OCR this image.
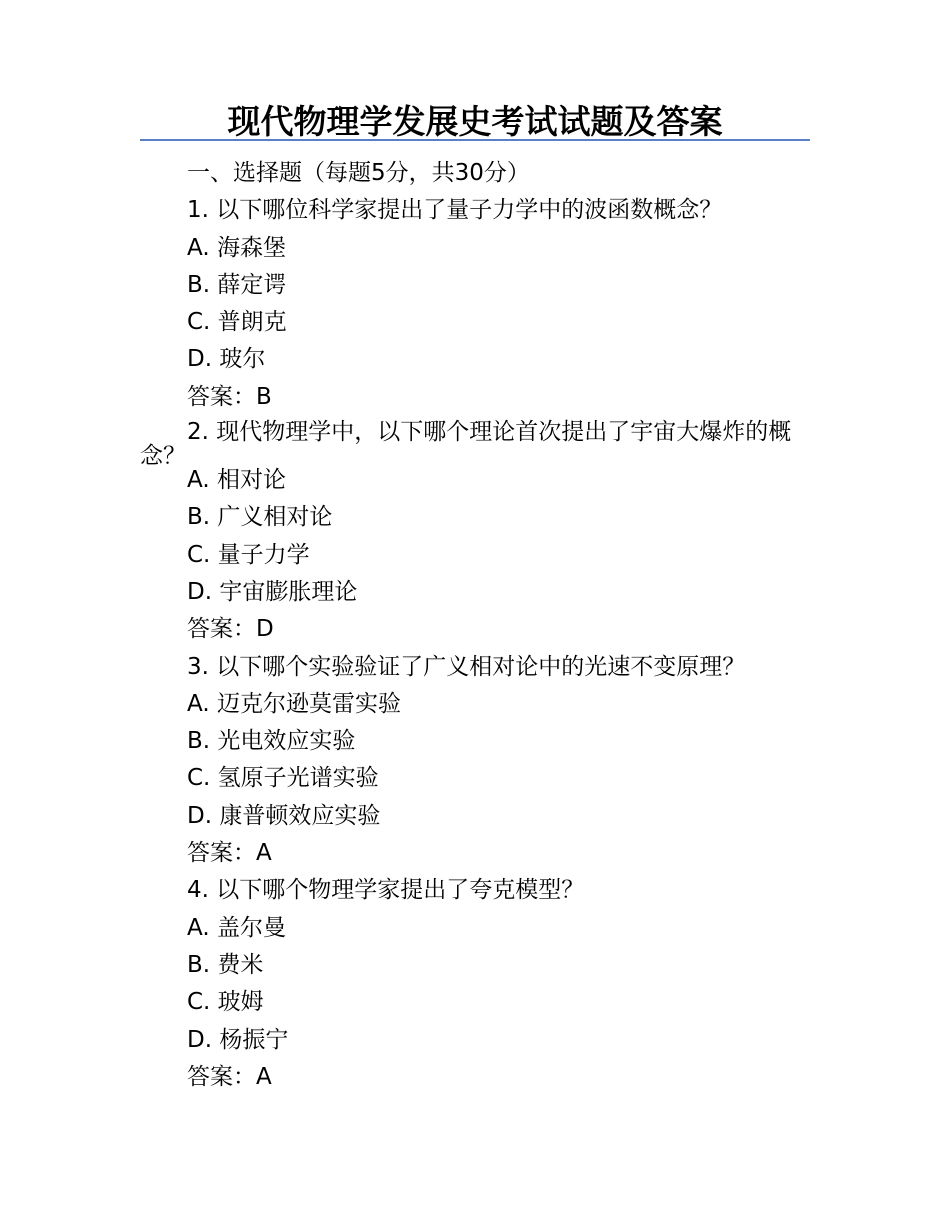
现代物理学发展史考试试题及答案
一、选择题（每题5分，共30分）
1. 以下哪位科学家提出了量子力学中的波函数概念？
A. 海森堡
B. 薛定谔
C. 普朗克
D. 玻尔
答案：B
2. 现代物理学中，以下哪个理论首次提出了宇宙大爆炸的概念？
A. 相对论
B. 广义相对论
C. 量子力学
D. 宇宙膨胀理论
答案：D
3. 以下哪个实验验证了广义相对论中的光速不变原理？
A. 迈克尔逊莫雷实验
B. 光电效应实验
C. 氢原子光谱实验
D. 康普顿效应实验
答案：A
4. 以下哪个物理学家提出了夸克模型？
A. 盖尔曼
B. 费米
C. 玻姆
D. 杨振宁
答案：A
